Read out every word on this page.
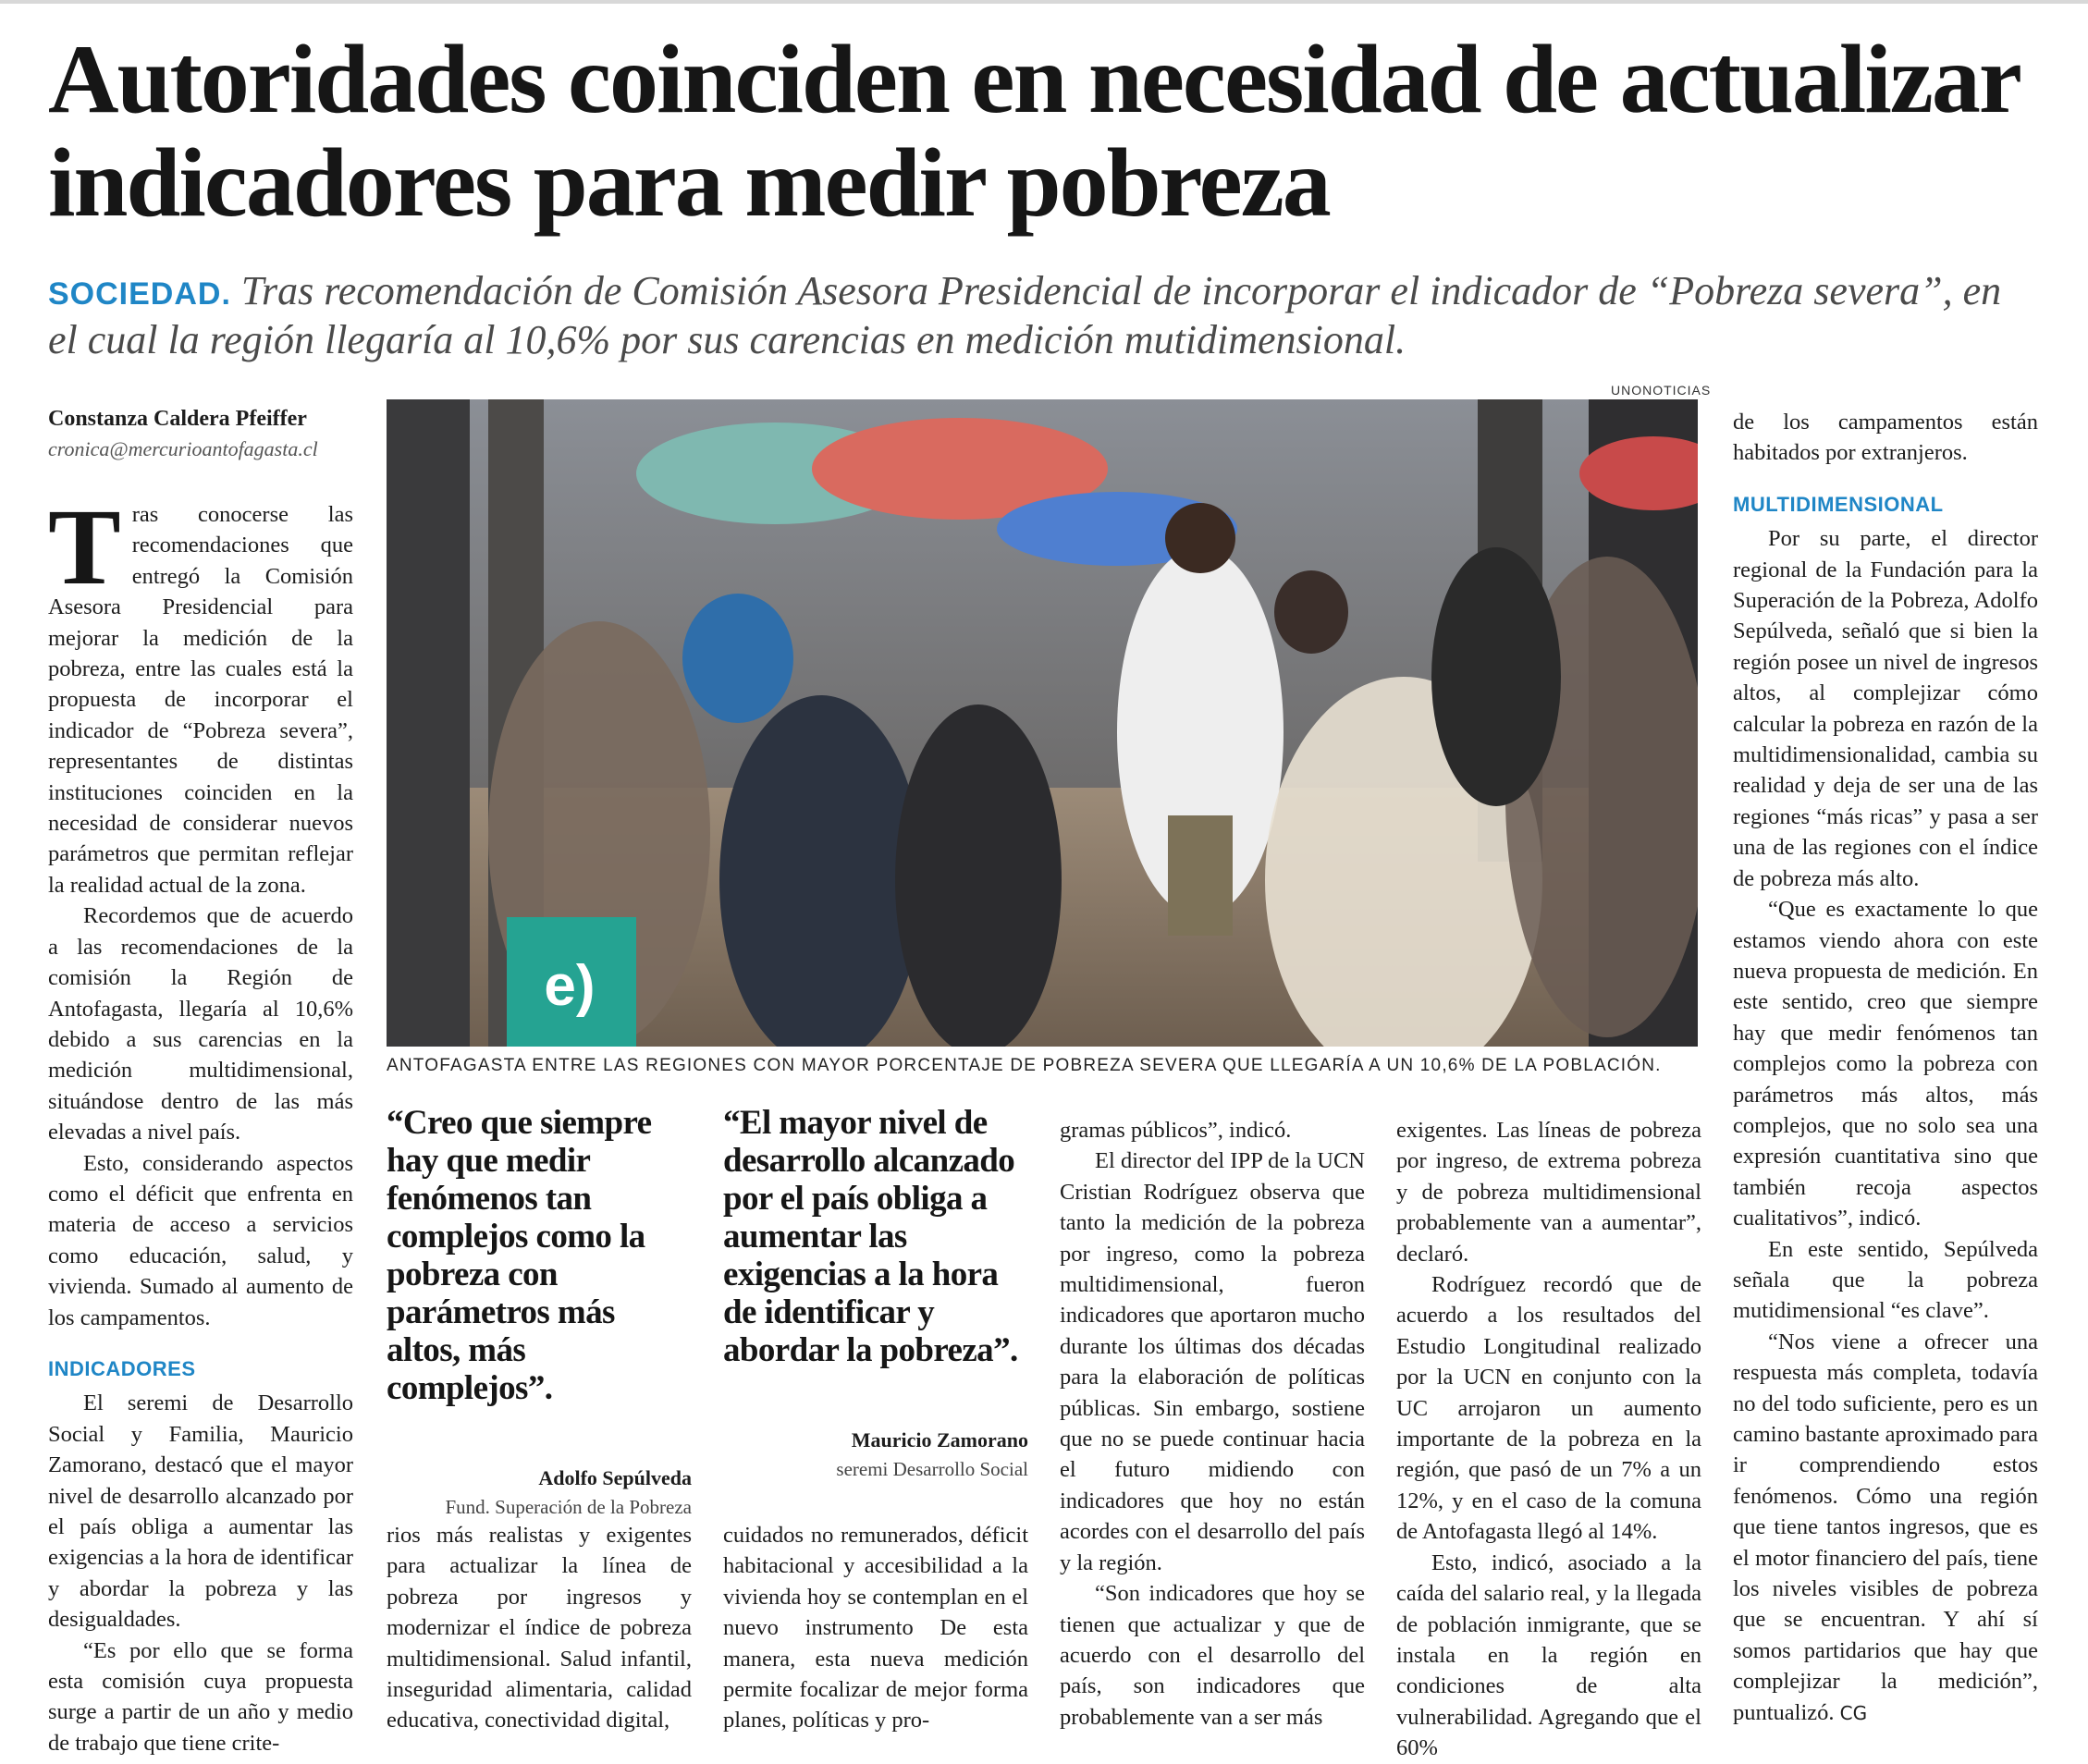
Autoridades coinciden en necesidad de actualizar indicadores para medir pobreza
SOCIEDAD. Tras recomendación de Comisión Asesora Presidencial de incorporar el indicador de “Pobreza severa”, en el cual la región llegaría al 10,6% por sus carencias en medición mutidimensional.
Constanza Caldera Pfeiffer
cronica@mercurioantofagasta.cl

Tras conocerse las recomendaciones que entregó la Comisión Asesora Presidencial para mejorar la medición de la pobreza, entre las cuales está la propuesta de incorporar el indicador de “Pobreza severa”, representantes de distintas instituciones coinciden en la necesidad de considerar nuevos parámetros que permitan reflejar la realidad actual de la zona.

Recordemos que de acuerdo a las recomendaciones de la comisión la Región de Antofagasta, llegaría al 10,6% debido a sus carencias en la medición multidimensional, situándose dentro de las más elevadas a nivel país.

Esto, considerando aspectos como el déficit que enfrenta en materia de acceso a servicios como educación, salud, y vivienda. Sumado al aumento de los campamentos.

INDICADORES

El seremi de Desarrollo Social y Familia, Mauricio Zamorano, destacó que el mayor nivel de desarrollo alcanzado por el país obliga a aumentar las exigencias a la hora de identificar y abordar la pobreza y las desigualdades.

“Es por ello que se forma esta comisión cuya propuesta surge a partir de un año y medio de trabajo que tiene crite-

UNONOTICIAS
e)
ANTOFAGASTA ENTRE LAS REGIONES CON MAYOR PORCENTAJE DE POBREZA SEVERA QUE LLEGARÍA A UN 10,6% DE LA POBLACIÓN.
“Creo que siempre hay que medir fenómenos tan complejos como la pobreza con parámetros más altos, más complejos”.
Adolfo Sepúlveda
Fund. Superación de la Pobreza
“El mayor nivel de desarrollo alcanzado por el país obliga a aumentar las exigencias a la hora de identificar y abordar la pobreza”.
Mauricio Zamorano
seremi Desarrollo Social

rios más realistas y exigentes para actualizar la línea de pobreza por ingresos y modernizar el índice de pobreza multidimensional. Salud infantil, inseguridad alimentaria, calidad educativa, conectividad digital,

cuidados no remunerados, déficit habitacional y accesibilidad a la vivienda hoy se contemplan en el nuevo instrumento De esta manera, esta nueva medición permite focalizar de mejor forma planes, políticas y pro-

gramas públicos”, indicó.

El director del IPP de la UCN Cristian Rodríguez observa que tanto la medición de la pobreza por ingreso, como la pobreza multidimensional, fueron indicadores que aportaron mucho durante los últimas dos décadas para la elaboración de políticas públicas. Sin embargo, sostiene que no se puede continuar hacia el futuro midiendo con indicadores que hoy no están acordes con el desarrollo del país y la región.

“Son indicadores que hoy se tienen que actualizar y que de acuerdo con el desarrollo del país, son indicadores que probablemente van a ser más

exigentes. Las líneas de pobreza por ingreso, de extrema pobreza y de pobreza multidimensional probablemente van a aumentar”, declaró.

Rodríguez recordó que de acuerdo a los resultados del Estudio Longitudinal realizado por la UCN en conjunto con la UC arrojaron un aumento importante de la pobreza en la región, que pasó de un 7% a un 12%, y en el caso de la comuna de Antofagasta llegó al 14%.

Esto, indicó, asociado a la caída del salario real, y la llegada de población inmigrante, que se instala en la región en condiciones de alta vulnerabilidad. Agregando que el 60%

de los campamentos están habitados por extranjeros.

MULTIDIMENSIONAL

Por su parte, el director regional de la Fundación para la Superación de la Pobreza, Adolfo Sepúlveda, señaló que si bien la región posee un nivel de ingresos altos, al complejizar cómo calcular la pobreza en razón de la multidimensionalidad, cambia su realidad y deja de ser una de las regiones “más ricas” y pasa a ser una de las regiones con el índice de pobreza más alto.

“Que es exactamente lo que estamos viendo ahora con este nueva propuesta de medición. En este sentido, creo que siempre hay que medir fenómenos tan complejos como la pobreza con parámetros más altos, más complejos, que no solo sea una expresión cuantitativa sino que también recoja aspectos cualitativos”, indicó.

En este sentido, Sepúlveda señala que la pobreza mutidimensional “es clave”.

“Nos viene a ofrecer una respuesta más completa, todavía no del todo suficiente, pero es un camino bastante aproximado para ir comprendiendo estos fenómenos. Cómo una región que tiene tantos ingresos, que es el motor financiero del país, tiene los niveles visibles de pobreza que se encuentran. Y ahí sí somos partidarios que hay que complejizar la medición”, puntualizó. CG
